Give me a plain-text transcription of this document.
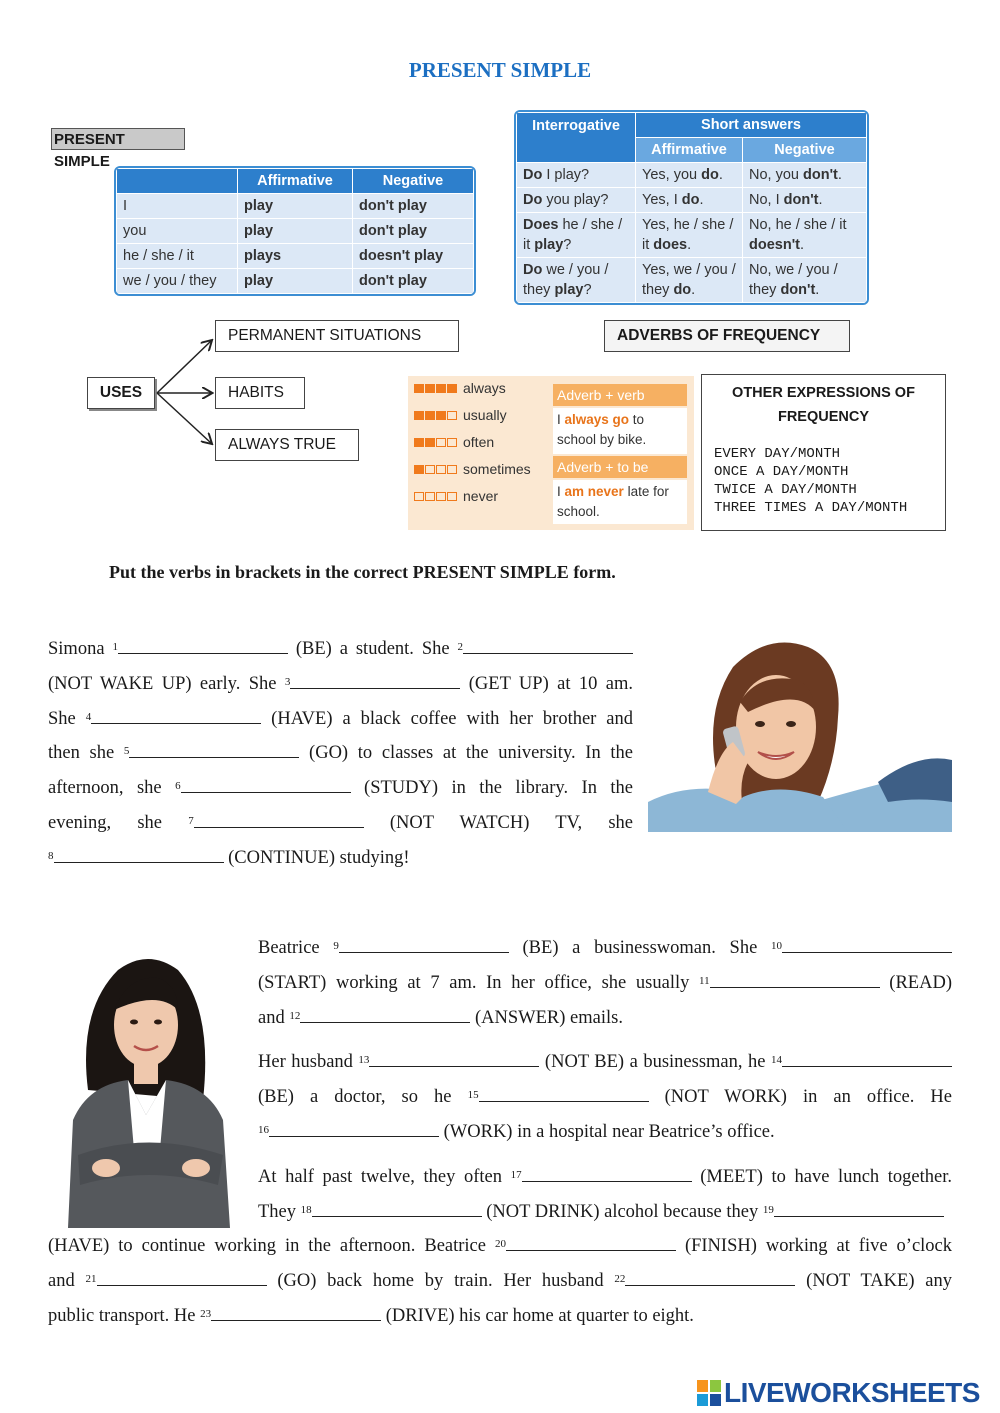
PRESENT SIMPLE
PRESENT SIMPLE
	Affirmative	Negative
I	play	don't play
you	play	don't play
he / she / it	plays	doesn't play
we / you / they	play	don't play
Interrogative	Short answers	
	Affirmative	Negative
Do I play?	Yes, you do.	No, you don't.
Do you play?	Yes, I do.	No, I don't.
Does he / she / it play?	Yes, he / she / it does.	No, he / she / it doesn't.
Do we / you / they play?	Yes, we / you / they do.	No, we / you / they don't.
USES
PERMANENT SITUATIONS
HABITS
ALWAYS TRUE
ADVERBS OF FREQUENCY
always
usually
often
sometimes
never
Adverb + verb
I always go to school by bike.
Adverb + to be
I am never late for school.
OTHER EXPRESSIONS OF
FREQUENCY
EVERY DAY/MONTH
ONCE A DAY/MONTH
TWICE A DAY/MONTH
THREE TIMES A DAY/MONTH
Put the verbs in brackets in the correct PRESENT SIMPLE form.
Simona $^1$	(BE) a student. She $^2$
(NOT WAKE UP) early. She $^3$	(GET UP) at 10 am.
She $^4$	(HAVE) a black coffee with her brother and
then she $^5$	(GO) to classes at the university. In the
afternoon, she $^6$	(STUDY) in the library. In the
evening, she $^7$	(NOT WATCH) TV, she
$^8$	(CONTINUE) studying!
Beatrice $^9$	(BE) a businesswoman. She $^{10}$
(START) working at 7 am. In her office, she usually $^{11}$	(READ)
and $^{12}$	(ANSWER) emails.
Her husband $^{13}$	(NOT BE) a businessman, he $^{14}$
(BE) a doctor, so he $^{15}$	(NOT WORK) in an office. He
$^{16}$	(WORK) in a hospital near Beatrice’s office.
At half past twelve, they often $^{17}$	(MEET) to have lunch together.
They $^{18}$	(NOT DRINK) alcohol because they $^{19}$
(HAVE) to continue working in the afternoon. Beatrice $^{20}$	(FINISH) working at five o’clock
and $^{21}$	(GO) back home by train. Her husband $^{22}$	(NOT TAKE) any
public transport. He $^{23}$	(DRIVE) his car home at quarter to eight.
LIVEWORKSHEETS
